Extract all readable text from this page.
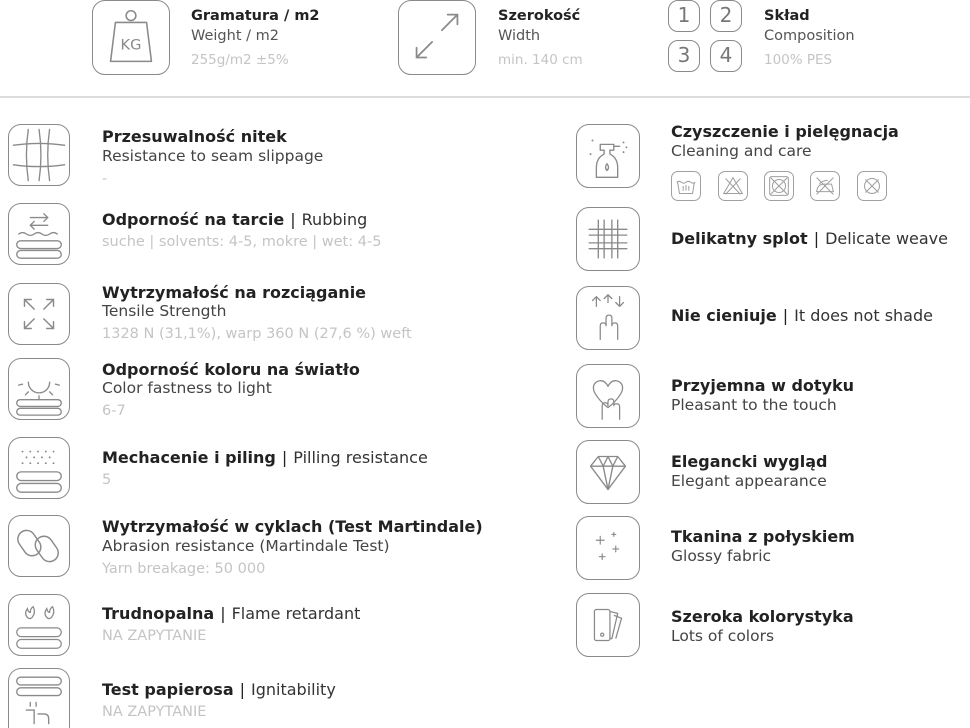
KG
Gramatura / m2
Weight / m2
255g/m2 ±5%
Szerokość
Width
min. 140 cm
1	2
3	4
Skład
Composition
100% PES
Przesuwalność nitek
Resistance to seam slippage
-
Odporność na tarcie | Rubbing
suche | solvents: 4-5, mokre | wet: 4-5
Wytrzymałość na rozciąganie
Tensile Strength
1328 N (31,1%), warp 360 N (27,6 %) weft
Odporność koloru na światło
Color fastness to light
6-7
Mechacenie i piling | Pilling resistance
5
Wytrzymałość w cyklach (Test Martindale)
Abrasion resistance (Martindale Test)
Yarn breakage: 50 000
Trudnopalna | Flame retardant
NA ZAPYTANIE
Test papierosa | Ignitability
NA ZAPYTANIE
Czyszczenie i pielęgnacja
Cleaning and care
Delikatny splot | Delicate weave
Nie cieniuje | It does not shade
Przyjemna w dotyku
Pleasant to the touch
Elegancki wygląd
Elegant appearance
Tkanina z połyskiem
Glossy fabric
Szeroka kolorystyka
Lots of colors
